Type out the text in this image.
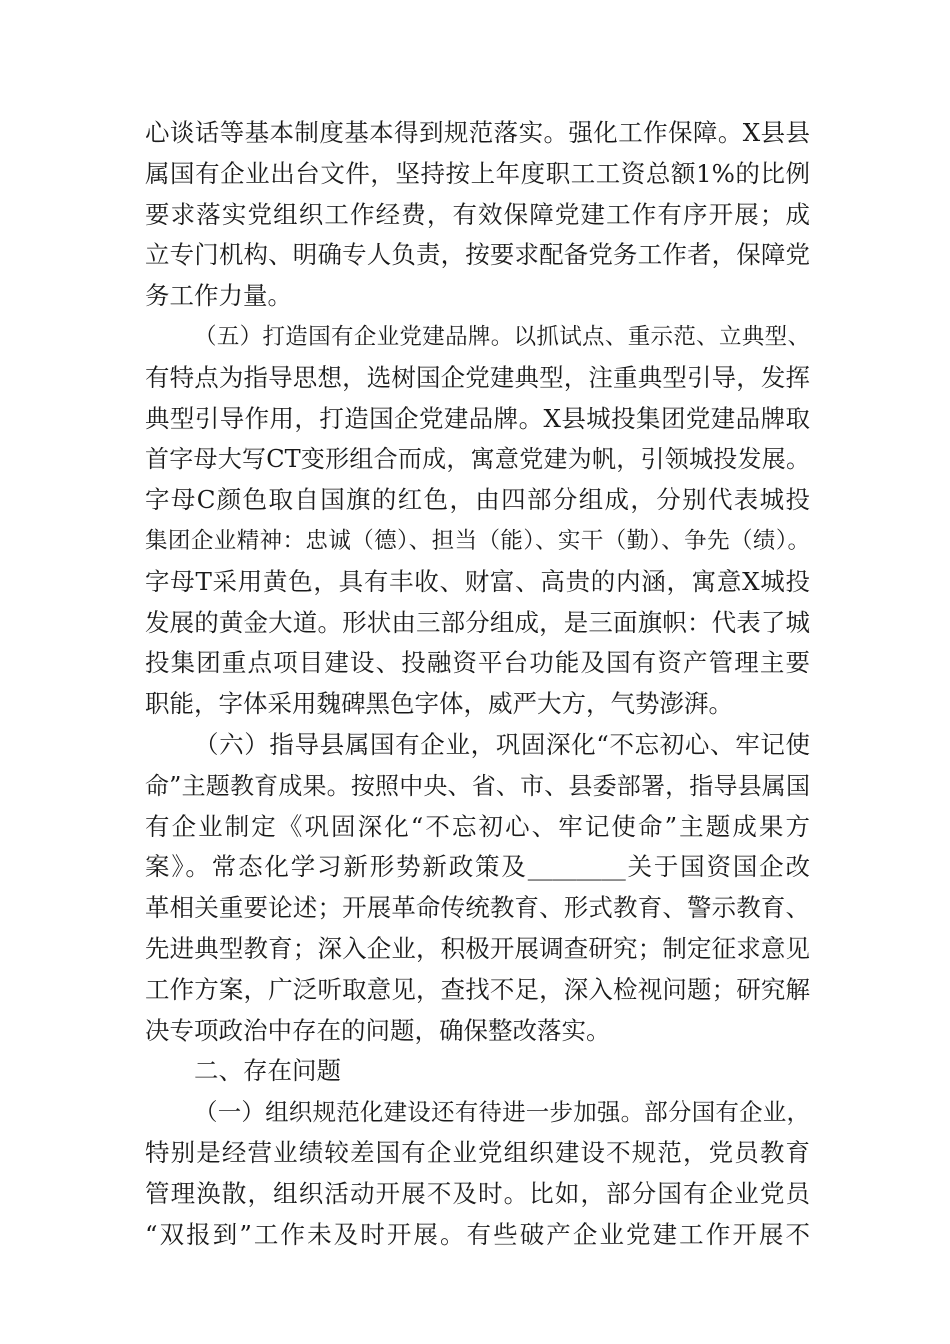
心谈话等基本制度基本得到规范落实。强化工作保障。X县县
属国有企业出台文件，坚持按上年度职工工资总额1%的比例
要求落实党组织工作经费，有效保障党建工作有序开展；成
立专门机构、明确专人负责，按要求配备党务工作者，保障党
务工作力量。
（五）打造国有企业党建品牌。以抓试点、重示范、立典型、
有特点为指导思想，选树国企党建典型，注重典型引导，发挥
典型引导作用，打造国企党建品牌。X县城投集团党建品牌取
首字母大写CT变形组合而成，寓意党建为帆，引领城投发展。
字母C颜色取自国旗的红色，由四部分组成，分别代表城投
集团企业精神：忠诚（德）、担当（能）、实干（勤）、争先（绩）。
字母T采用黄色，具有丰收、财富、高贵的内涵，寓意X城投
发展的黄金大道。形状由三部分组成，是三面旗帜：代表了城
投集团重点项目建设、投融资平台功能及国有资产管理主要
职能，字体采用魏碑黑色字体，威严大方，气势澎湃。
（六）指导县属国有企业，巩固深化“不忘初心、牢记使
命”主题教育成果。按照中央、省、市、县委部署，指导县属国
有企业制定《巩固深化“不忘初心、牢记使命”主题成果方
案》。常态化学习新形势新政策及________关于国资国企改
革相关重要论述；开展革命传统教育、形式教育、警示教育、
先进典型教育；深入企业，积极开展调查研究；制定征求意见
工作方案，广泛听取意见，查找不足，深入检视问题；研究解
决专项政治中存在的问题，确保整改落实。
二、存在问题
（一）组织规范化建设还有待进一步加强。部分国有企业，
特别是经营业绩较差国有企业党组织建设不规范，党员教育
管理涣散，组织活动开展不及时。比如，部分国有企业党员
“双报到”工作未及时开展。有些破产企业党建工作开展不
